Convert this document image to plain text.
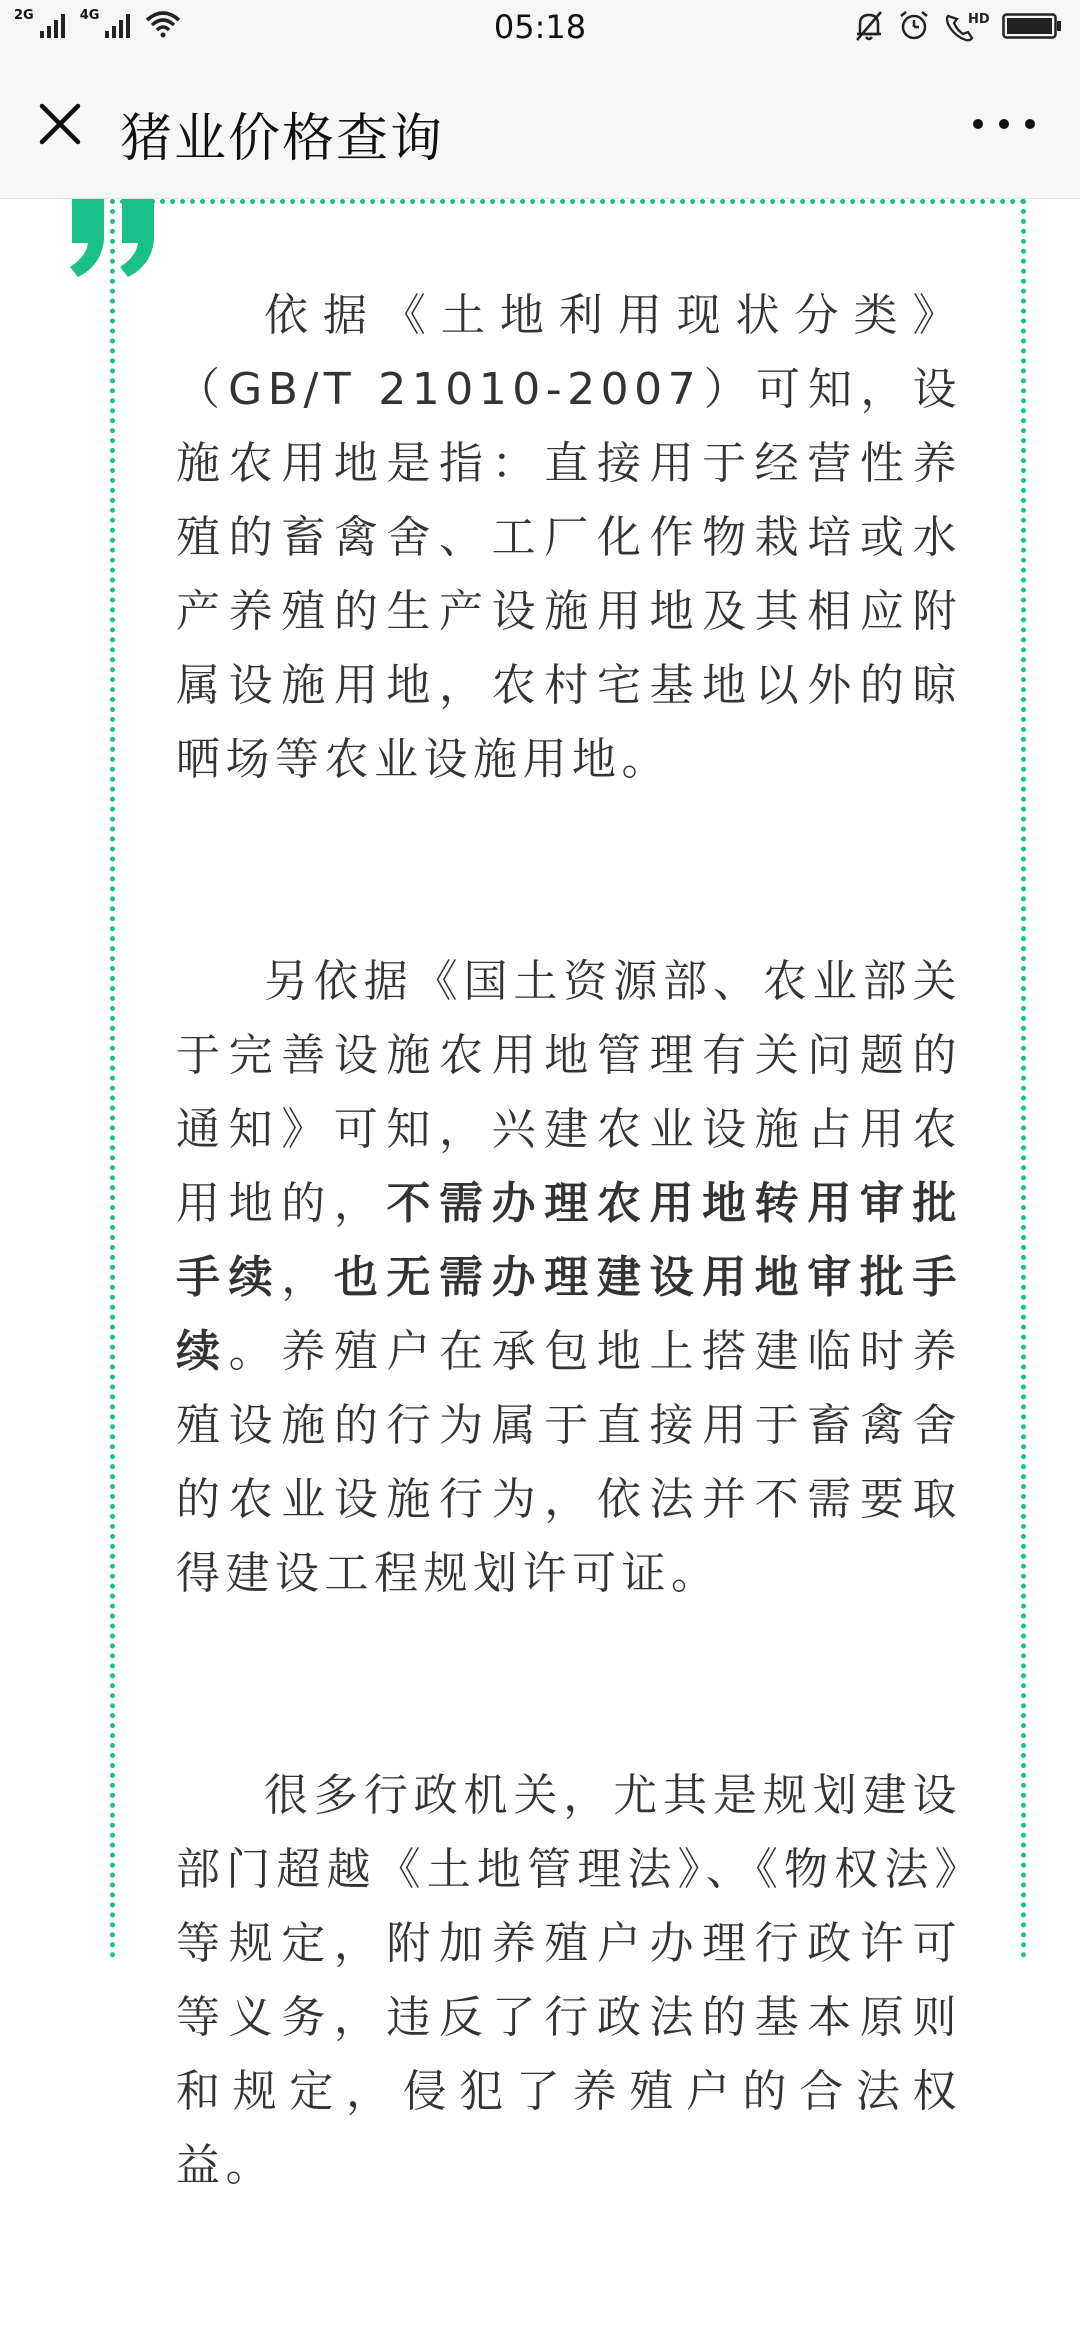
2G	4G	05:18	HD
猪业价格查询

依据《土地利用现状分类》（GB/T 21010-2007）可知，设施农用地是指：直接用于经营性养殖的畜禽舍、工厂化作物栽培或水产养殖的生产设施用地及其相应附属设施用地，农村宅基地以外的晾晒场等农业设施用地。

另依据《国土资源部、农业部关于完善设施农用地管理有关问题的通知》可知，兴建农业设施占用农用地的，不需办理农用地转用审批手续，也无需办理建设用地审批手续。养殖户在承包地上搭建临时养殖设施的行为属于直接用于畜禽舍的农业设施行为，依法并不需要取得建设工程规划许可证。

很多行政机关，尤其是规划建设部门超越《土地管理法》、《物权法》等规定，附加养殖户办理行政许可等义务，违反了行政法的基本原则和规定，侵犯了养殖户的合法权益。
